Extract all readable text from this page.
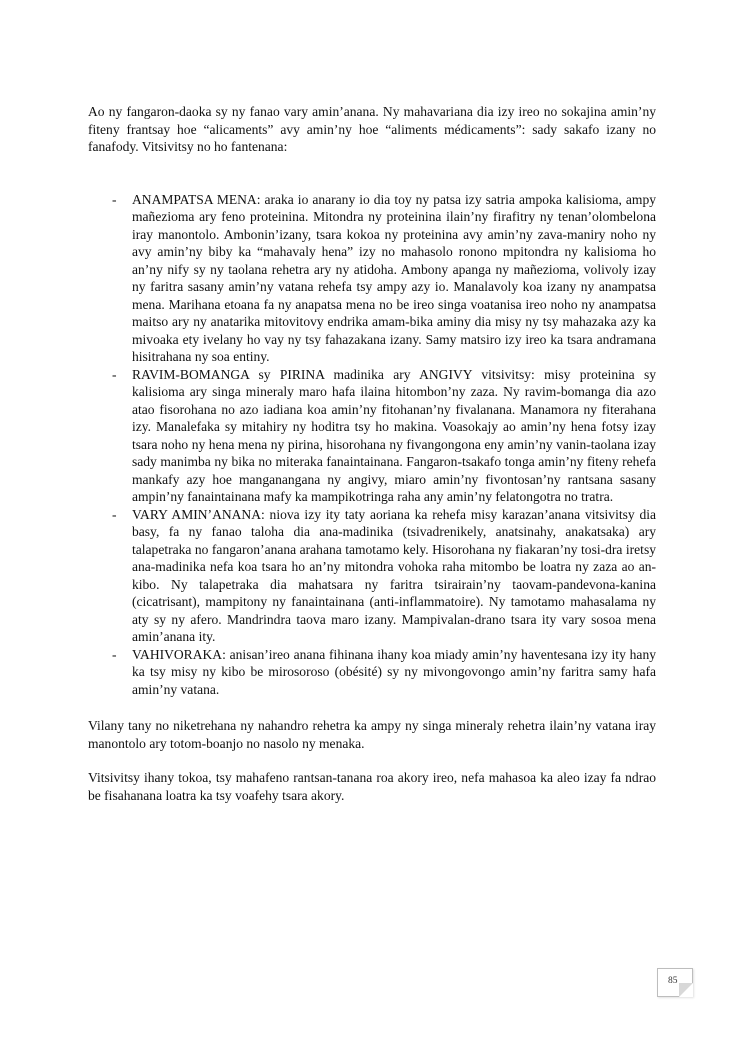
Ao ny fangaron-daoka sy ny fanao vary amin’anana. Ny mahavariana dia izy ireo no sokajina amin’ny fiteny frantsay hoe “alicaments” avy amin’ny hoe “aliments médicaments”: sady sakafo izany no fanafody. Vitsivitsy no ho fantenana:

- ANAMPATSA MENA: araka io anarany io dia toy ny patsa izy satria ampoka kalisioma, ampy mañezioma ary feno proteinina. Mitondra ny proteinina ilain’ny firafitry ny tenan’olombelona iray manontolo. Ambonin’izany, tsara kokoa ny proteinina avy amin’ny zava-maniry noho ny avy amin’ny biby ka “mahavaly hena” izy no mahasolo ronono mpitondra ny kalisioma ho an’ny nify sy ny taolana rehetra ary ny atidoha. Ambony apanga ny mañezioma, volivoly izay ny faritra sasany amin’ny vatana rehefa tsy ampy azy io. Manalavoly koa izany ny anampatsa mena. Marihana etoana fa ny anapatsa mena no be ireo singa voatanisa ireo noho ny anampatsa maitso ary ny anatarika mitovitovy endrika amam-bika aminy dia misy ny tsy mahazaka azy ka mivoaka ety ivelany ho vay ny tsy fahazakana izany. Samy matsiro izy ireo ka tsara andramana hisitrahana ny soa entiny.
- RAVIM-BOMANGA sy PIRINA madinika ary ANGIVY vitsivitsy: misy proteinina sy kalisioma ary singa mineraly maro hafa ilaina hitombon’ny zaza. Ny ravim-bomanga dia azo atao fisorohana no azo iadiana koa amin’ny fitohanan’ny fivalanana. Manamora ny fiterahana izy. Manalefaka sy mitahiry ny hoditra tsy ho makina. Voasokajy ao amin’ny hena fotsy izay tsara noho ny hena mena ny pirina, hisorohana ny fivangongona eny amin’ny vanin-taolana izay sady manimba ny bika no miteraka fanaintainana. Fangaron-tsakafo tonga amin’ny fiteny rehefa mankafy azy hoe manganangana ny angivy, miaro amin’ny fivontosan’ny rantsana sasany ampin’ny fanaintainana mafy ka mampikotringa raha any amin’ny felatongotra no tratra.
- VARY AMIN’ANANA: niova izy ity taty aoriana ka rehefa misy karazan’anana vitsivitsy dia basy, fa ny fanao taloha dia ana-madinika (tsivadrenikely, anatsinahy, anakatsaka) ary talapetraka no fangaron’anana arahana tamotamo kely. Hisorohana ny fiakaran’ny tosi-dra iretsy ana-madinika nefa koa tsara ho an’ny mitondra vohoka raha mitombo be loatra ny zaza ao an-kibo. Ny talapetraka dia mahatsara ny faritra tsirairain’ny taovam-pandevona-kanina (cicatrisant), mampitony ny fanaintainana (anti-inflammatoire). Ny tamotamo mahasalama ny aty sy ny afero. Mandrindra taova maro izany. Mampivalan-drano tsara ity vary sosoa mena amin’anana ity.
- VAHIVORAKA: anisan’ireo anana fihinana ihany koa miady amin’ny haventesana izy ity hany ka tsy misy ny kibo be mirosoroso (obésité) sy ny mivongovongo amin’ny faritra samy hafa amin’ny vatana.

Vilany tany no niketrehana ny nahandro rehetra ka ampy ny singa mineraly rehetra ilain’ny vatana iray manontolo ary totom-boanjo no nasolo ny menaka.

Vitsivitsy ihany tokoa, tsy mahafeno rantsan-tanana roa akory ireo, nefa mahasoa ka aleo izay fa ndrao be fisahanana loatra ka tsy voafehy tsara akory.

85
